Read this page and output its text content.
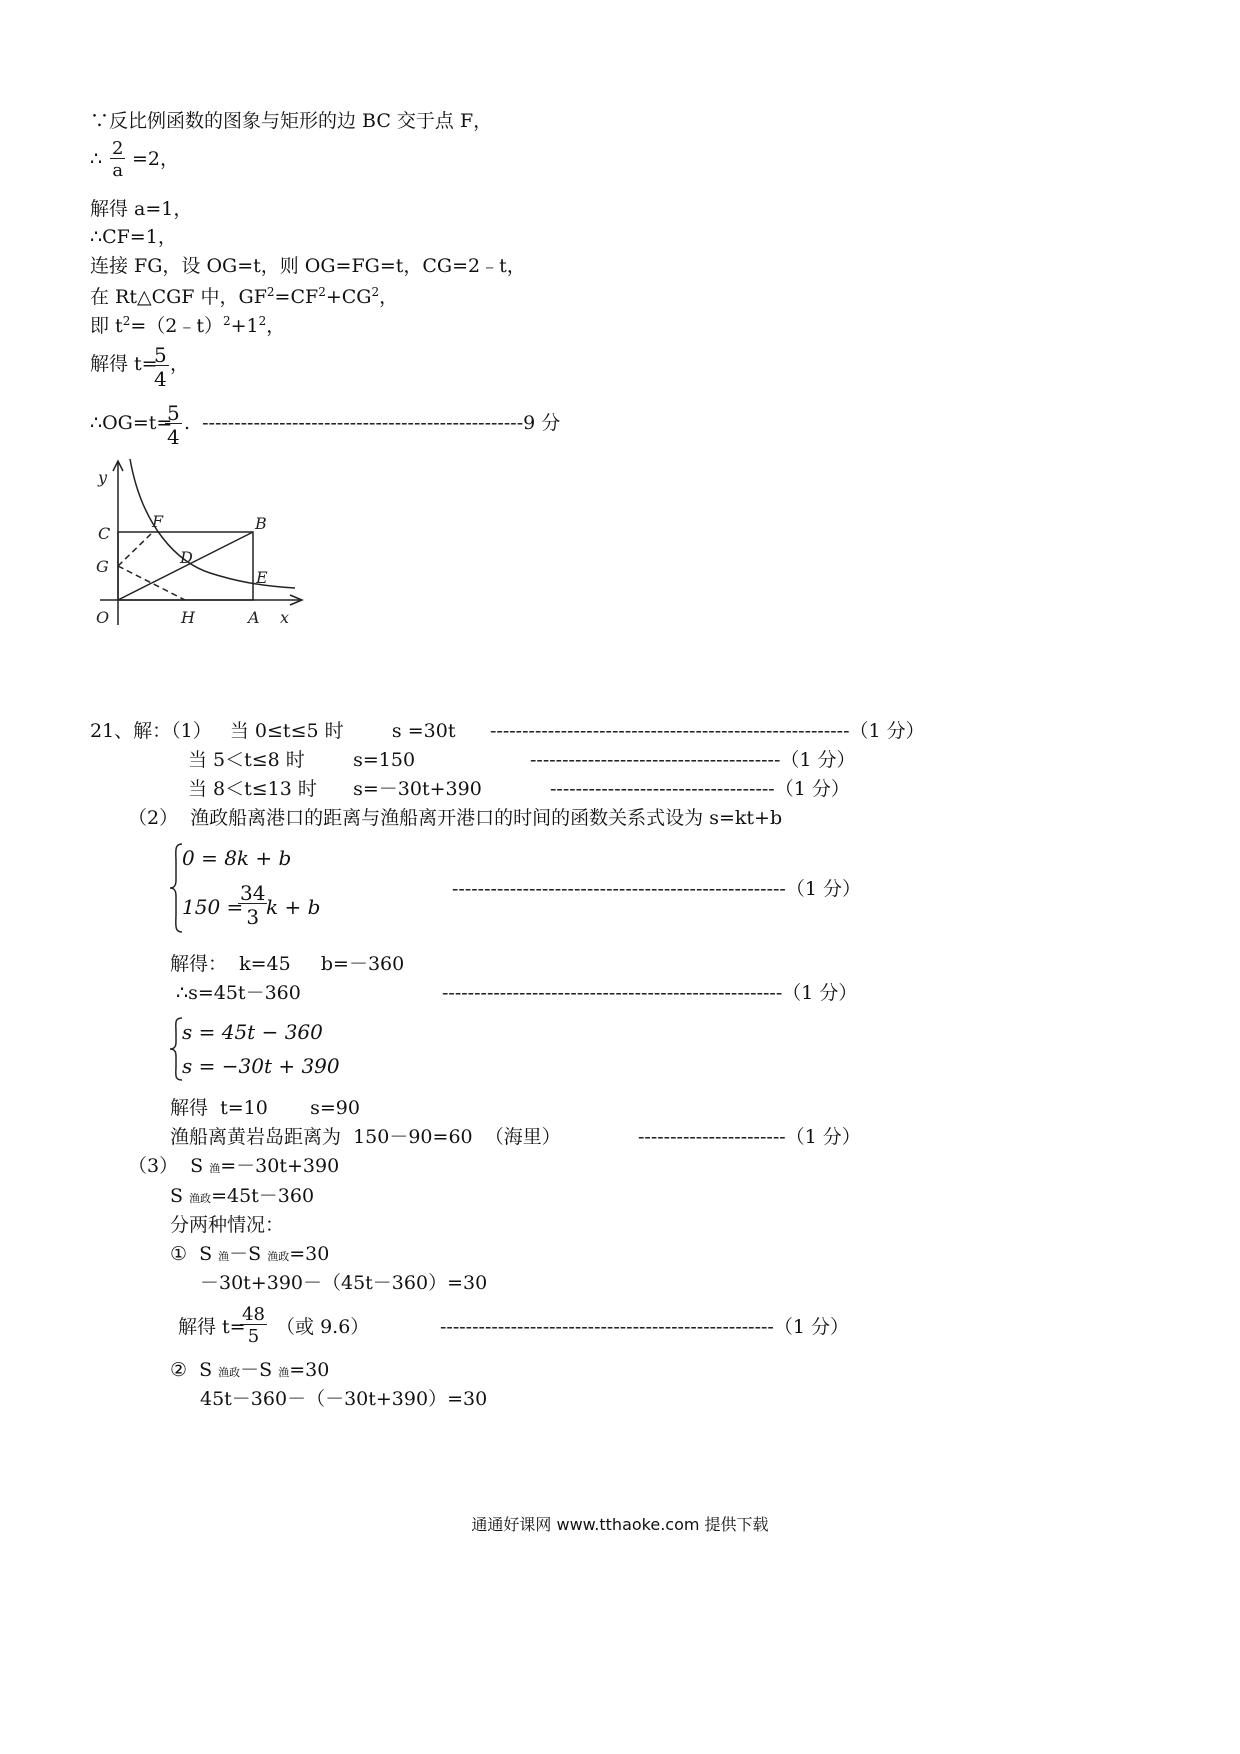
∵反比例函数的图象与矩形的边 BC 交于点 F，
∴ $\frac{2}{a} =2$，
解得 a=1，
∴CF=1，
连接 FG，设 OG=t，则 OG=FG=t，CG=2﹣t，
在 Rt△CGF 中，$GF^2=CF^2+CG^2$，
即 $t^2=(2﹣t)^2+1^2$，
解得 t=
$\frac{5}{4}$ ，
∴OG=t=
$\frac{5}{4}$ .  --------------------------------------------------9 分
y
C
G
O
F	B
D
E
H	A x
21、解：（1）   当 0≤t≤5 时        s =30t --------------------------------------------------------（1 分）
当 5＜t≤8 时        s=150	---------------------------------------（1 分）
当 8＜t≤13 时      s=－30t+390	-----------------------------------（1 分）
（2）  渔政船离港口的距离与渔船离开港口的时间的函数关系式设为 s=kt+b
0 = 8k + b
150 =
$\frac{34}{3}$
k + b
----------------------------------------------------（1 分）
解得：  k=45     b=－360
∴s=45t－360	-----------------------------------------------------（1 分）
s = 45t − 360
s = −30t + 390
解得  t=10       s=90
渔船离黄岩岛距离为  150－90=60  （海里）	-----------------------（1 分）
（3）  S 渔=－30t+390
S 渔政=45t－360
分两种情况：
①  S 渔－S 渔政=30
－30t+390－（45t－360）=30
解得 t=
$\frac{48}{5}$ （或 9.6）	----------------------------------------------------（1 分）
②  S 渔政－S 渔=30
45t－360－（－30t+390）=30
通通好课网 www.tthaoke.com 提供下载
